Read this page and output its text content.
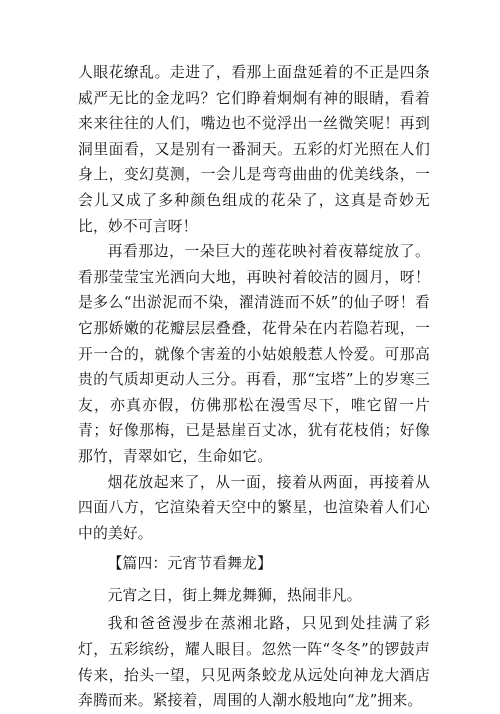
人眼花缭乱。走进了，看那上面盘延着的不正是四条威严无比的金龙吗？它们睁着炯炯有神的眼睛，看着来来往往的人们，嘴边也不觉浮出一丝微笑呢！再到洞里面看，又是别有一番洞天。五彩的灯光照在人们身上，变幻莫测，一会儿是弯弯曲曲的优美线条，一会儿又成了多种颜色组成的花朵了，这真是奇妙无比，妙不可言呀！

再看那边，一朵巨大的莲花映衬着夜幕绽放了。看那莹莹宝光洒向大地，再映衬着皎洁的圆月，呀！是多么“出淤泥而不染，濯清涟而不妖”的仙子呀！看它那娇嫩的花瓣层层叠叠，花骨朵在内若隐若现，一开一合的，就像个害羞的小姑娘般惹人怜爱。可那高贵的气质却更动人三分。再看，那“宝塔”上的岁寒三友，亦真亦假，仿佛那松在漫雪尽下，唯它留一片青；好像那梅，已是悬崖百丈冰，犹有花枝俏；好像那竹，青翠如它，生命如它。

烟花放起来了，从一面，接着从两面，再接着从四面八方，它渲染着天空中的繁星，也渲染着人们心中的美好。

【篇四：元宵节看舞龙】

元宵之日，街上舞龙舞狮，热闹非凡。

我和爸爸漫步在蒸湘北路，只见到处挂满了彩灯，五彩缤纷，耀人眼目。忽然一阵“冬冬”的锣鼓声传来，抬头一望，只见两条蛟龙从远处向神龙大酒店奔腾而来。紧接着，周围的人潮水般地向“龙”拥来。
